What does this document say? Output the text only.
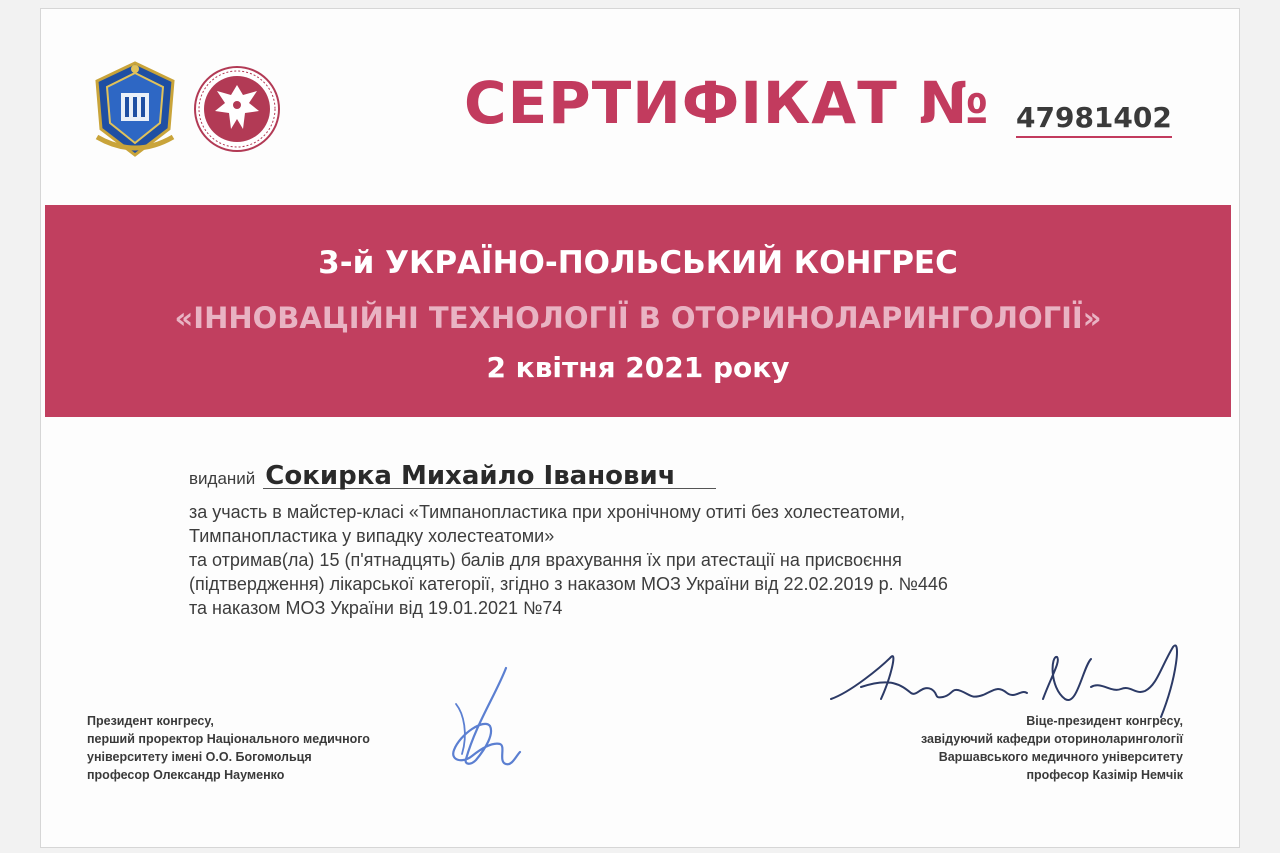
СЕРТИФІКАТ № 47981402
3-й УКРАЇНО-ПОЛЬСЬКИЙ КОНГРЕС
«ІННОВАЦІЙНІ ТЕХНОЛОГІЇ В ОТОРИНОЛАРИНГОЛОГІЇ»
2 квітня 2021 року
виданий Сокирка Михайло Іванович
за участь в майстер-класі «Тимпанопластика при хронічному отиті без холестеатоми,
Тимпанопластика у випадку холестеатоми»
та отримав(ла) 15 (п'ятнадцять) балів для врахування їх при атестації на присвоєння
(підтвердження) лікарської категорії, згідно з наказом МОЗ України від 22.02.2019 р. №446
та наказом МОЗ України від 19.01.2021 №74
Президент конгресу,
перший проректор Національного медичного
університету імені О.О. Богомольця
професор Олександр Науменко
Віце-президент конгресу,
завідуючий кафедри оториноларингології
Варшавського медичного університету
професор Казімір Немчік
